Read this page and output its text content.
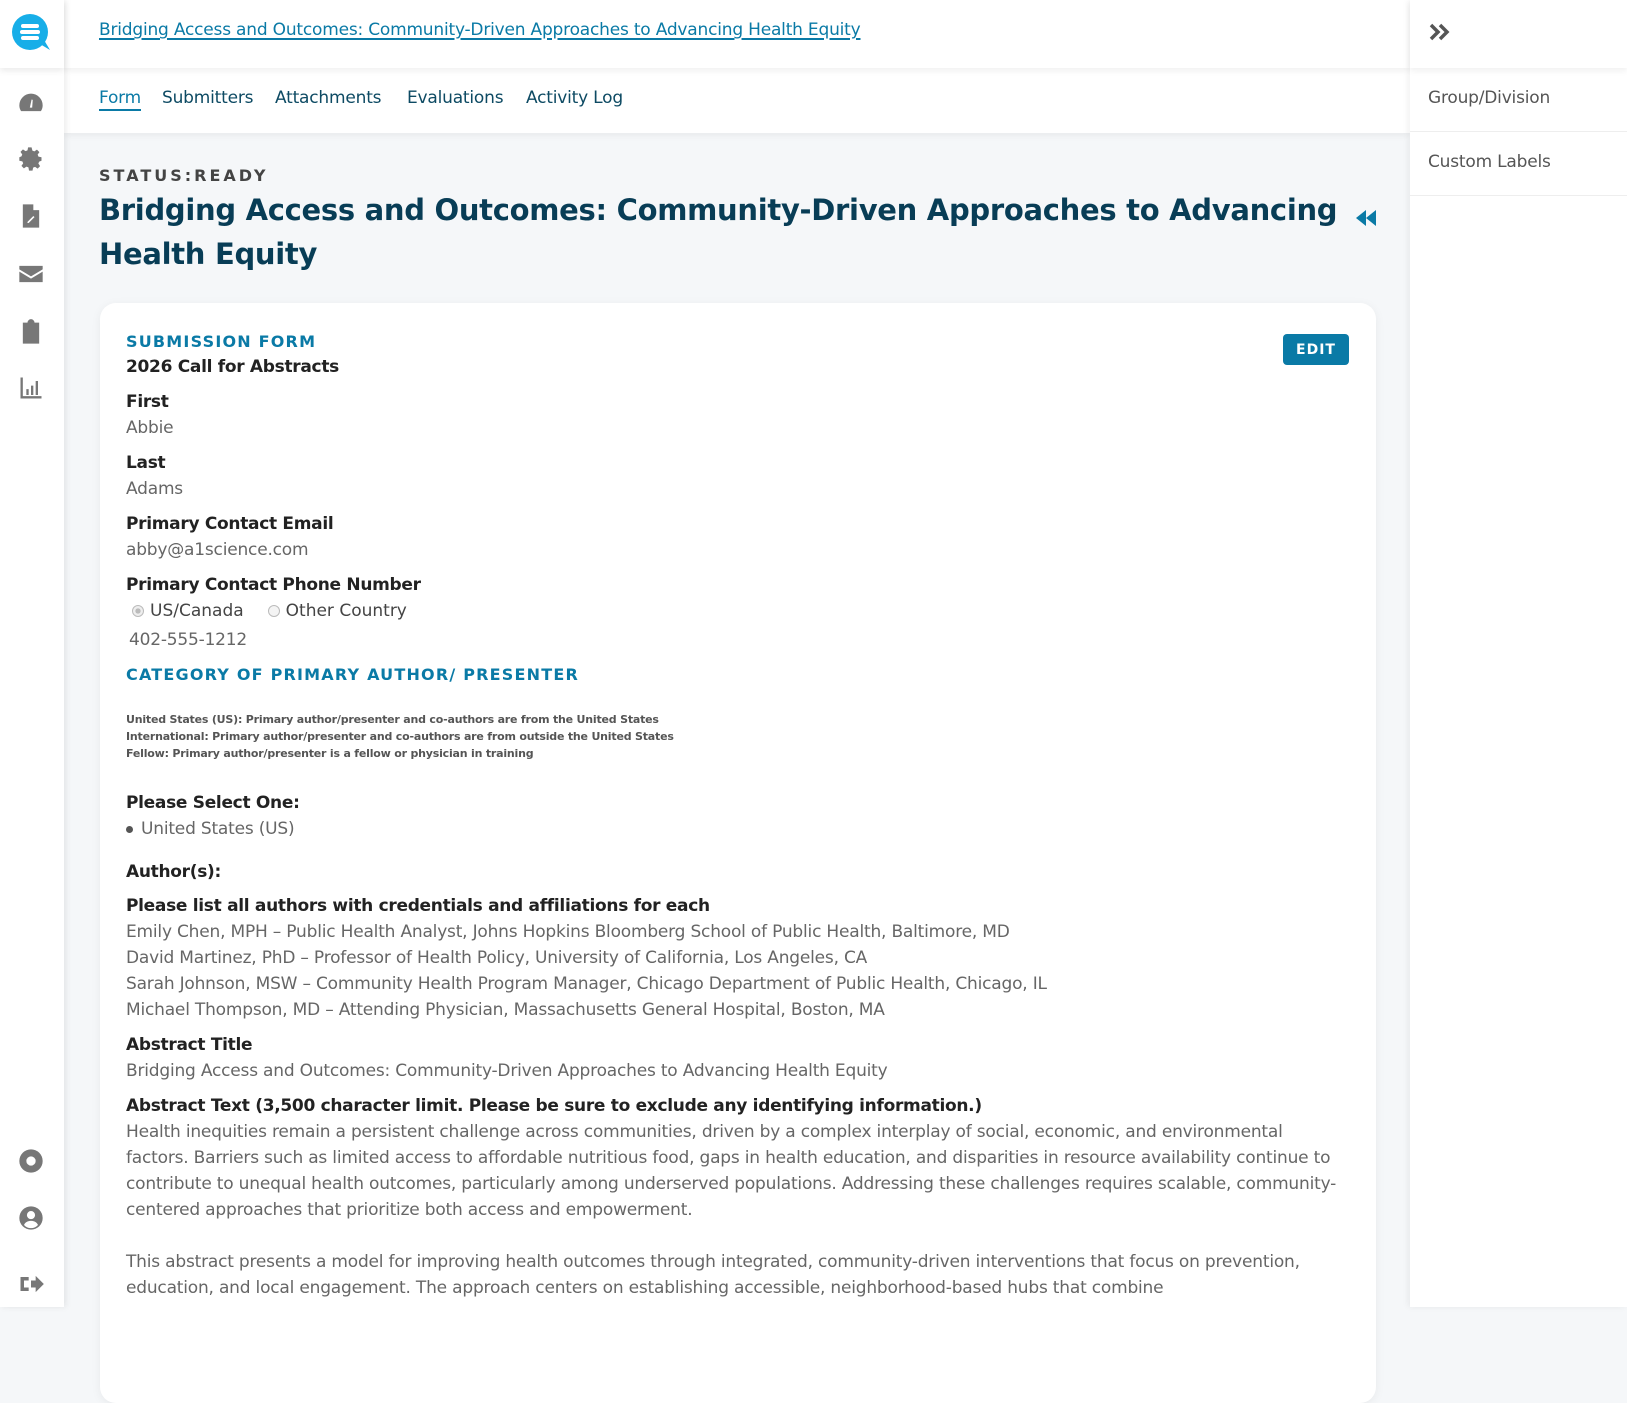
Bridging Access and Outcomes: Community-Driven Approaches to Advancing Health Equity
Form Submitters Attachments Evaluations Activity Log
STATUS:READY
Bridging Access and Outcomes: Community-Driven Approaches to Advancing Health Equity
EDIT
SUBMISSION FORM
2026 Call for Abstracts
First
Abbie
Last
Adams
Primary Contact Email
abby@a1science.com
Primary Contact Phone Number
US/Canada Other Country
402-555-1212
CATEGORY OF PRIMARY AUTHOR/ PRESENTER
United States (US): Primary author/presenter and co-authors are from the United States
International: Primary author/presenter and co-authors are from outside the United States
Fellow: Primary author/presenter is a fellow or physician in training
Please Select One:
United States (US)
Author(s):
Please list all authors with credentials and affiliations for each
Emily Chen, MPH – Public Health Analyst, Johns Hopkins Bloomberg School of Public Health, Baltimore, MD
David Martinez, PhD – Professor of Health Policy, University of California, Los Angeles, CA
Sarah Johnson, MSW – Community Health Program Manager, Chicago Department of Public Health, Chicago, IL
Michael Thompson, MD – Attending Physician, Massachusetts General Hospital, Boston, MA
Abstract Title
Bridging Access and Outcomes: Community-Driven Approaches to Advancing Health Equity
Abstract Text (3,500 character limit. Please be sure to exclude any identifying information.)
Health inequities remain a persistent challenge across communities, driven by a complex interplay of social, economic, and environmental factors. Barriers such as limited access to affordable nutritious food, gaps in health education, and disparities in resource availability continue to contribute to unequal health outcomes, particularly among underserved populations. Addressing these challenges requires scalable, community-centered approaches that prioritize both access and empowerment.
This abstract presents a model for improving health outcomes through integrated, community-driven interventions that focus on prevention, education, and local engagement. The approach centers on establishing accessible, neighborhood-based hubs that combine
Group/Division
Custom Labels
